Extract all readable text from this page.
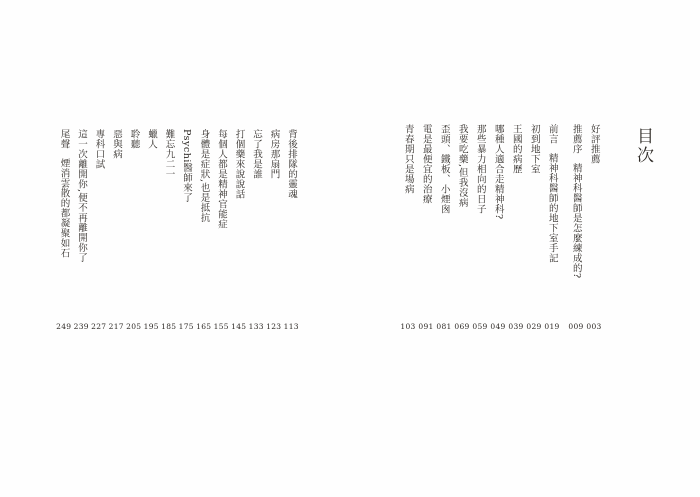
目次
好評推薦
推薦序精神科醫師是怎麼練成的?
前言精神科醫師的地下室手記
初到地下室
王國的病歷
哪種人適合走精神科?
那些暴力相向的日子
我要吃藥,但我沒病
歪頭、鐵板、小煙囪
電是最便宜的治療
青春期只是場病
003
009
019
029
039
049
059
069
081
091
103
背後排隊的靈魂
病房那扇門
忘了我是誰
打個藥來說說話
每個人都是精神官能症
身體是症狀,也是抵抗
Psychi醫師來了
難忘九二一
蠟人
聆聽
惡與病
專科口試
這一次離開你,便不再離開你了
尾聲煙消雲散的都凝聚如石
113
123
133
145
155
165
175
185
195
205
217
227
239
249
